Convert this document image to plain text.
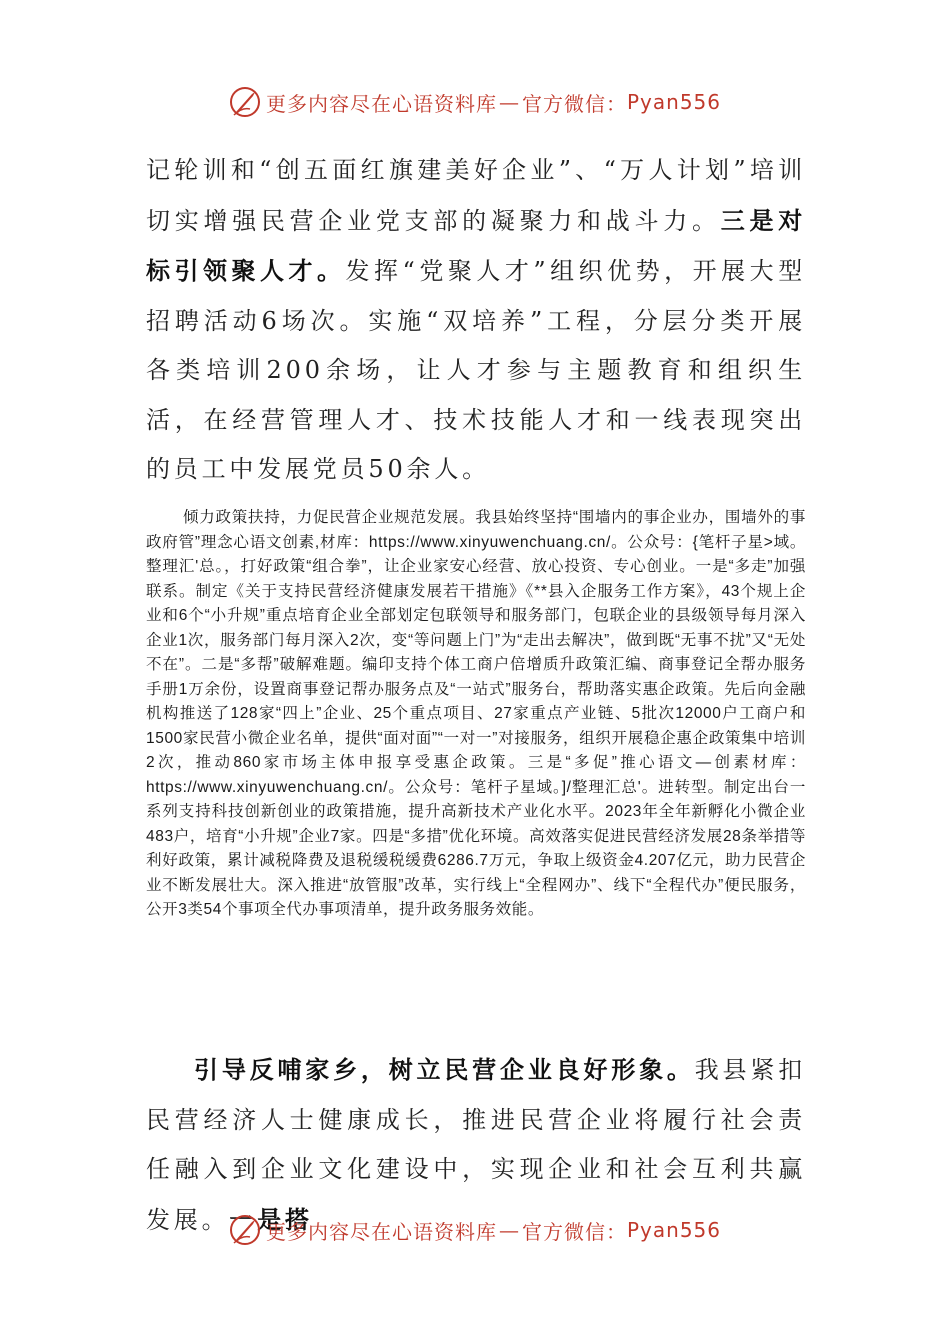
更多内容尽在心语资料库 — 官方微信： Pyan556
记轮训和“创五面红旗建美好企业”、“万人计划”培训切实增强民营企业党支部的凝聚力和战斗力。三是对标引领聚人才。发挥“党聚人才”组织优势，开展大型招聘活动6场次。实施“双培养”工程，分层分类开展各类培训200余场，让人才参与主题教育和组织生活，在经营管理人才、技术技能人才和一线表现突出的员工中发展党员50余人。
倾力政策扶持，力促民营企业规范发展。我县始终坚持“围墙内的事企业办，围墙外的事政府管”理念心语文创素,材库：https://www.xinyuwenchuang.cn/。公众号：{笔杆子星>域。整理汇'总。，打好政策“组合拳”，让企业家安心经营、放心投资、专心创业。一是“多走”加强联系。制定《关于支持民营经济健康发展若干措施》《**县入企服务工作方案》，43个规上企业和6个“小升规”重点培育企业全部划定包联领导和服务部门，包联企业的县级领导每月深入企业1次，服务部门每月深入2次，变“等问题上门”为“走出去解决”，做到既“无事不扰”又“无处不在”。二是“多帮”破解难题。编印支持个体工商户倍增质升政策汇编、商事登记全帮办服务手册1万余份，设置商事登记帮办服务点及“一站式”服务台，帮助落实惠企政策。先后向金融机构推送了128家“四上”企业、25个重点项目、27家重点产业链、5批次12000户工商户和1500家民营小微企业名单，提供“面对面”“一对一”对接服务，组织开展稳企惠企政策集中培训2次，推动860家市场主体申报享受惠企政策。三是“多促”推心语文—创素材库：https://www.xinyuwenchuang.cn/。公众号：笔杆子星域。]/整理汇总'。进转型。制定出台一系列支持科技创新创业的政策措施，提升高新技术产业化水平。2023年全年新孵化小微企业483户，培育“小升规”企业7家。四是“多措”优化环境。高效落实促进民营经济发展28条举措等利好政策，累计减税降费及退税缓税缓费6286.7万元，争取上级资金4.207亿元，助力民营企业不断发展壮大。深入推进“放管服”改革，实行线上“全程网办”、线下“全程代办”便民服务，公开3类54个事项全代办事项清单，提升政务服务效能。
引导反哺家乡，树立民营企业良好形象。我县紧扣民营经济人士健康成长，推进民营企业将履行社会责任融入到企业文化建设中，实现企业和社会互利共赢发展。一是搭
更多内容尽在心语资料库 — 官方微信： Pyan556
